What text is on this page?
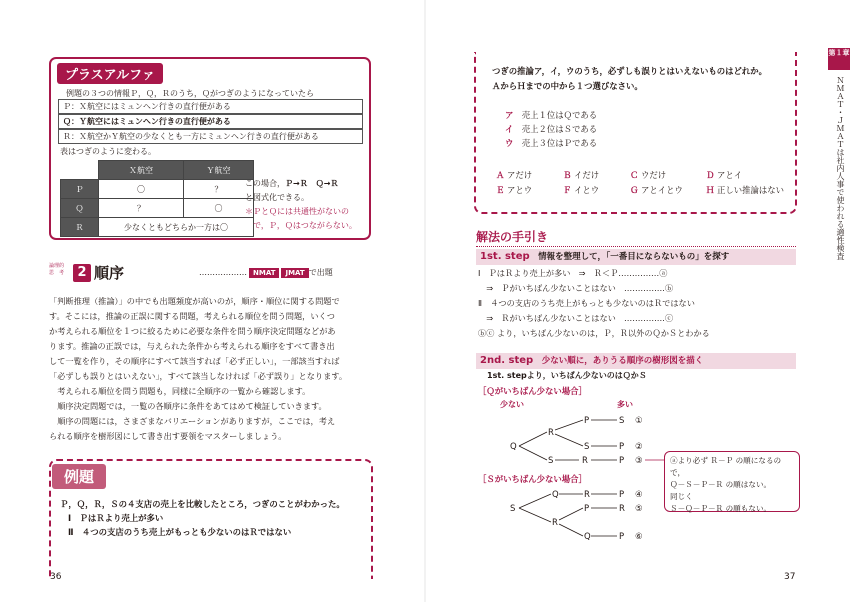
プラスアルファ
例題の３つの情報Ｐ，Ｑ，Ｒのうち，Ｑがつぎのようになっていたら
Ｐ：Ｘ航空にはミュンヘン行きの直行便がある
Ｑ：Ｙ航空にはミュンヘン行きの直行便がある
Ｒ：Ｘ航空かＹ航空の少なくとも一方にミュンヘン行きの直行便がある
表はつぎのように変わる。
	Ｘ航空	Ｙ航空
Ｐ	〇	？
Ｑ	？	〇
Ｒ	少なくともどちらか一方は〇	
この場合，Ｐ→Ｒ　Ｑ→Ｒ
と図式化できる。
＊ＰとＱには共通性がないの
で，Ｐ，Ｑはつながらない。
論理的
思　考	2 順序	……………… NMAT JMAT で出題
「判断推理（推論）」の中でも出題頻度が高いのが，順序・順位に関する問題で
す。そこには，推論の正誤に関する問題，考えられる順位を問う問題，いくつ
か考えられる順位を１つに絞るために必要な条件を問う順序決定問題などがあ
ります。推論の正誤では，与えられた条件から考えられる順序をすべて書き出
して一覧を作り，その順序にすべて該当すれば「必ず正しい」，一部該当すれば
「必ずしも誤りとはいえない」，すべて該当しなければ「必ず誤り」となります。
　考えられる順位を問う問題も，同様に全順序の一覧から確認します。
　順序決定問題では，一覧の各順序に条件をあてはめて検証していきます。
　順序の問題には，さまざまなバリエーションがありますが，ここでは，考え
られる順序を樹形図にして書き出す要領をマスターしましょう。
例題
Ｐ，Ｑ，Ｒ，Ｓの４支店の売上を比較したところ，つぎのことがわかった。
Ⅰ　ＰはＲより売上が多い
Ⅱ　４つの支店のうち売上がもっとも少ないのはＲではない
36
つぎの推論ア，イ，ウのうち，必ずしも誤りとはいえないものはどれか。
ＡからＨまでの中から１つ選びなさい。
ア　 売上１位はＱである
イ　 売上２位はＳである
ウ　 売上３位はＰである
Ａ アだけ	Ｂ イだけ	Ｃ ウだけ	Ｄ アとイ
Ｅ アとウ	Ｆ イとウ	Ｇ アとイとウ	Ｈ 正しい推論はない
解法の手引き
1st. step　 情報を整理して，「一番目にならないもの」を探す
Ⅰ　ＰはＲより売上が多い　⇒　Ｒ＜Ｐ……………ⓐ
　⇒　Ｐがいちばん少ないことはない　……………ⓑ
Ⅱ　４つの支店のうち売上がもっとも少ないのはＲではない
　⇒　Ｒがいちばん少ないことはない　……………ⓒ
ⓑⓒ より，いちばん少ないのは，Ｐ，Ｒ以外のＱかＳとわかる
2nd. step　 少ない順に，ありうる順序の樹形図を描く
1st. stepより，いちばん少ないのはＱかＳ
［Ｑがいちばん少ない場合］
少ない	多い
［Ｓがいちばん少ない場合］
Q
R
S
P
S
R
S
P
P
①
②
③
S
Q
R
R
P
Q
P
R
P
④
⑤
⑥
ⓐより必ず Ｒ－Ｐ の順になるので，
Ｑ－Ｓ－Ｐ－Ｒ の順はない。
同じく
Ｓ－Ｑ－Ｐ－Ｒ の順もない。
第１章
ＮＭＡＴ・ＪＭＡＴは社内人事で使われる適性検査
37
